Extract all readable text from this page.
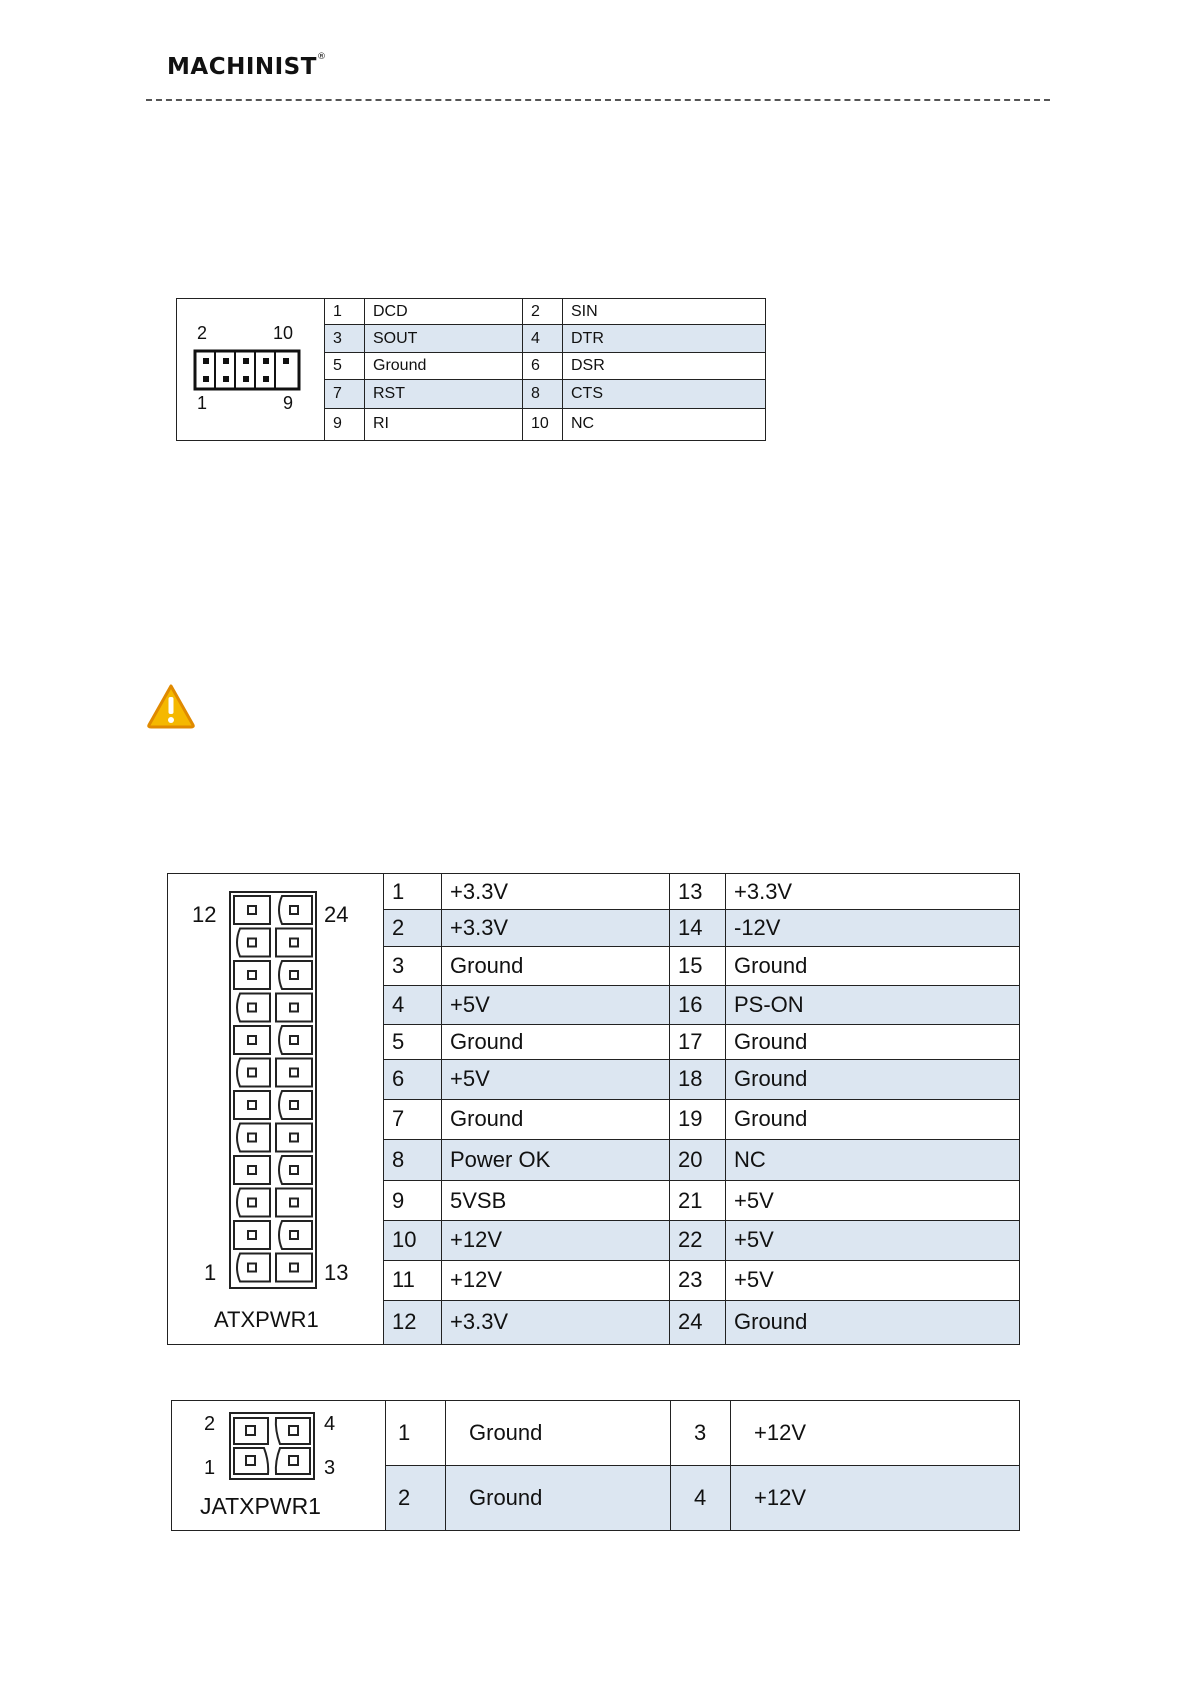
MACHINIST®
2 10
1 9	1	DCD	2	SIN
	3	SOUT	4	DTR
	5	Ground	6	DSR
	7	RST	8	CTS
	9	RI	10	NC
12 24
1 13
ATXPWR1	1	+3.3V	13	+3.3V
	2	+3.3V	14	-12V
	3	Ground	15	Ground
	4	+5V	16	PS-ON
	5	Ground	17	Ground
	6	+5V	18	Ground
	7	Ground	19	Ground
	8	Power OK	20	NC
	9	5VSB	21	+5V
	10	+12V	22	+5V
	11	+12V	23	+5V
	12	+3.3V	24	Ground
2 4
1 3
JATXPWR1	1	Ground	3	+12V
	2	Ground	4	+12V
